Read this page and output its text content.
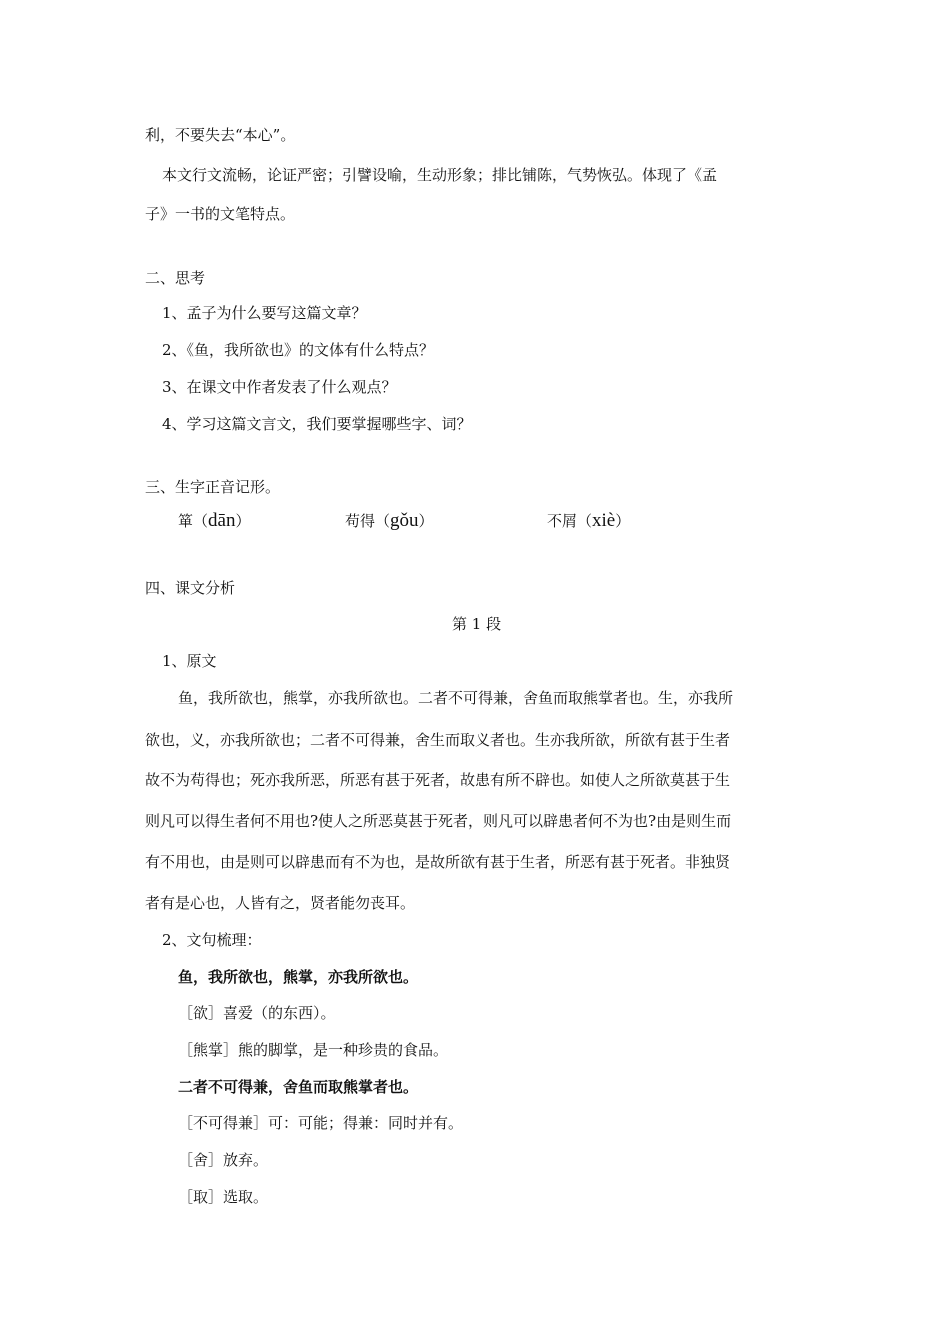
利，不要失去“本心”。
本文行文流畅，论证严密；引譬设喻，生动形象；排比铺陈，气势恢弘。体现了《孟
子》一书的文笔特点。
二、思考
1、孟子为什么要写这篇文章？
2、《鱼，我所欲也》的文体有什么特点？
3、在课文中作者发表了什么观点？
4、学习这篇文言文，我们要掌握哪些字、词？
三、生字正音记形。
箪（dān）	苟得（gǒu）	不屑（xiè）
四、课文分析
第 1 段
1、原文
鱼，我所欲也，熊掌，亦我所欲也。二者不可得兼，舍鱼而取熊掌者也。生，亦我所
欲也，义，亦我所欲也；二者不可得兼，舍生而取义者也。生亦我所欲，所欲有甚于生者
故不为苟得也；死亦我所恶，所恶有甚于死者，故患有所不辟也。如使人之所欲莫甚于生
则凡可以得生者何不用也?使人之所恶莫甚于死者，则凡可以辟患者何不为也?由是则生而
有不用也，由是则可以辟患而有不为也，是故所欲有甚于生者，所恶有甚于死者。非独贤
者有是心也，人皆有之，贤者能勿丧耳。
2、文句梳理：
鱼，我所欲也，熊掌，亦我所欲也。
［欲］喜爱（的东西）。
［熊掌］熊的脚掌，是一种珍贵的食品。
二者不可得兼，舍鱼而取熊掌者也。
［不可得兼］可：可能；得兼：同时并有。
［舍］放弃。
［取］选取。
